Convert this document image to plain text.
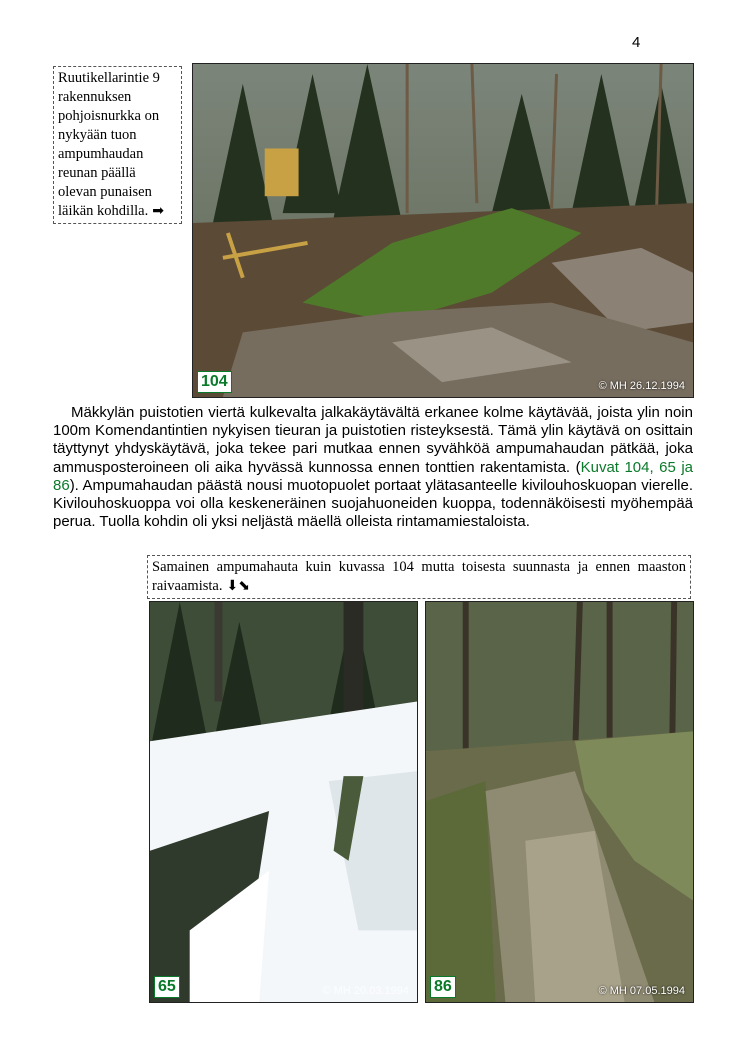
4
Ruutikellarintie 9 rakennuksen pohjoisnurkka on nykyään tuon ampumhaudan reunan päällä olevan punaisen läikän kohdilla. ➡
104	© MH 26.12.1994
Mäkkylän puistotien viertä kulkevalta jalkakäytävältä erkanee kolme käytävää, joista ylin noin 100m Komendantintien nykyisen tieuran ja puistotien risteyksestä. Tämä ylin käytävä on osittain täyttynyt yhdyskäytävä, joka tekee pari mutkaa ennen syvähköä ampumahaudan pätkää, joka ammusposteroineen oli aika hyvässä kunnossa ennen tonttien rakentamista. (Kuvat 104, 65 ja 86). Ampumahaudan päästä nousi muotopuolet portaat ylätasanteelle kivilouhoskuopan vierelle. Kivilouhoskuoppa voi olla keskeneräinen suojahuoneiden kuoppa, todennäköisesti myöhempää perua. Tuolla kohdin oli yksi neljästä mäellä olleista rintamamiestaloista.
Samainen ampumahauta kuin kuvassa 104 mutta toisesta suunnasta ja ennen maaston raivaamista. ⬇⬊
65	© MH 20.03.1994 86	© MH 07.05.1994
